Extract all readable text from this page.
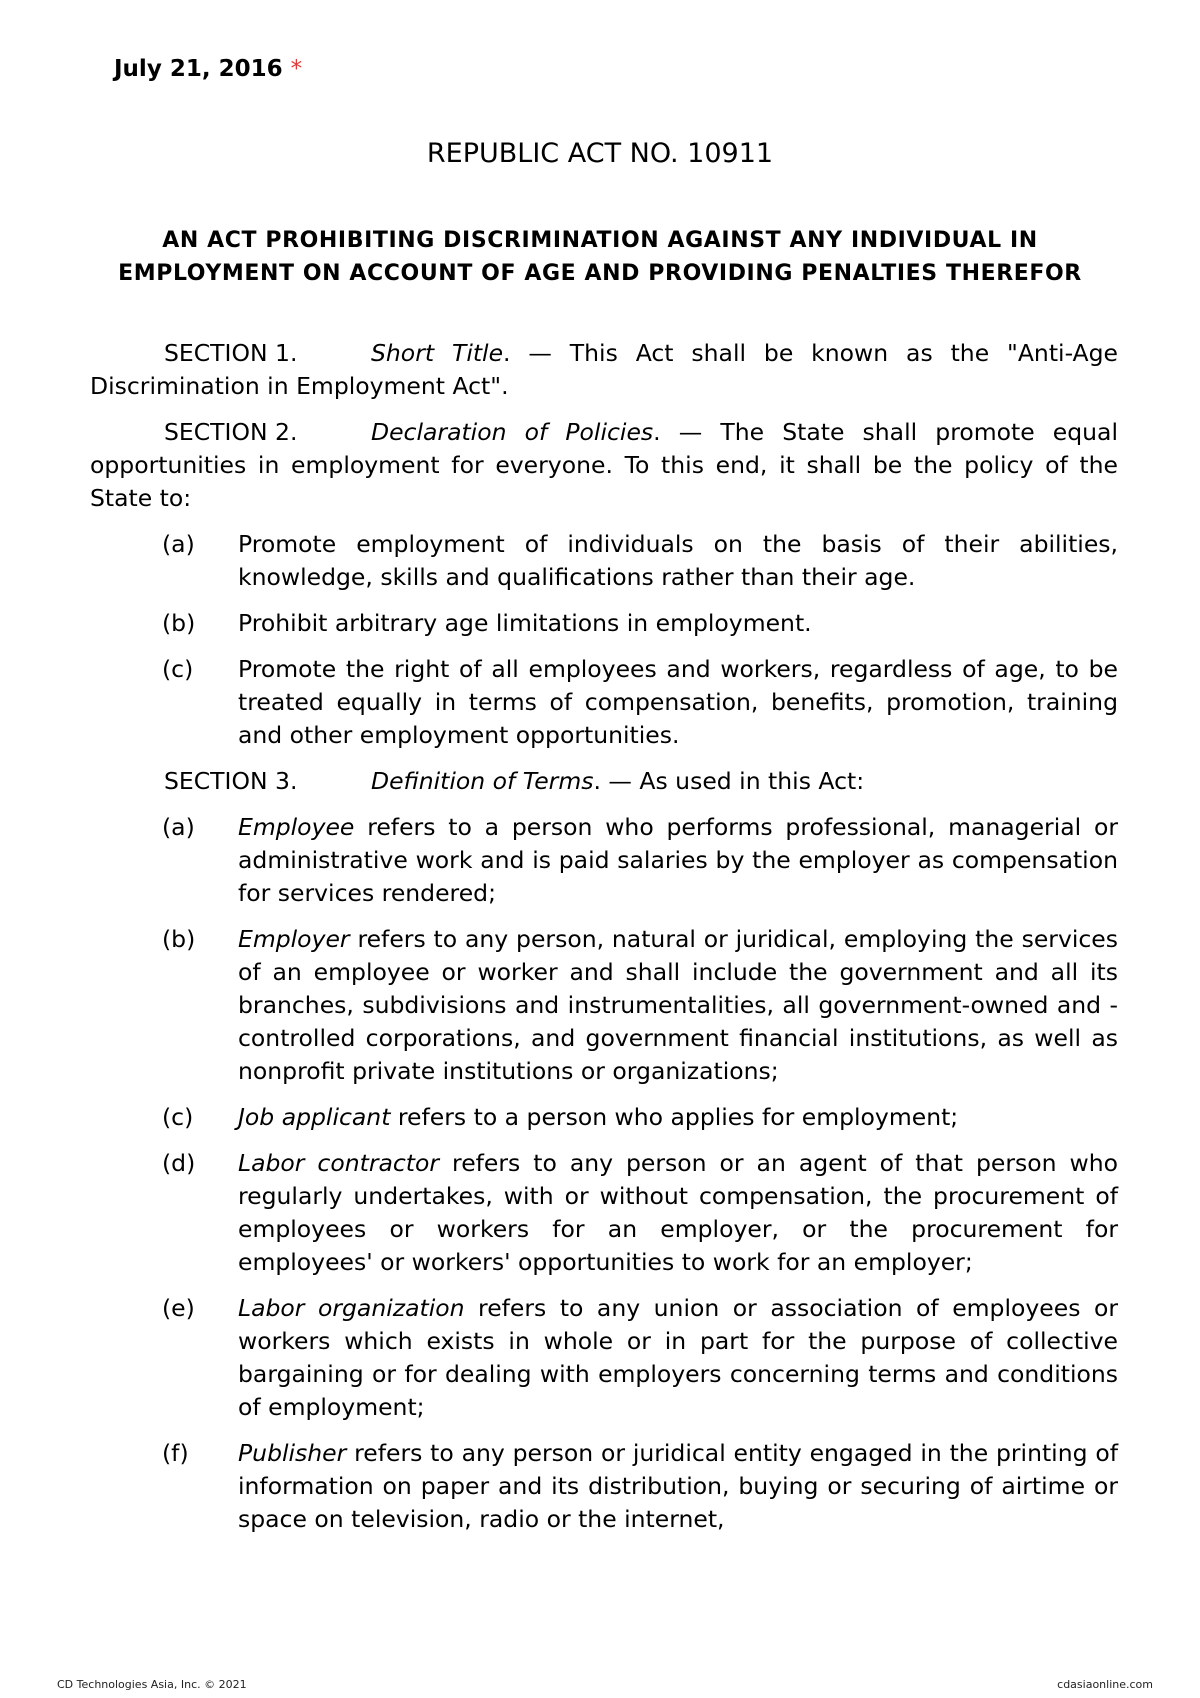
July 21, 2016 *
REPUBLIC ACT NO. 10911
AN ACT PROHIBITING DISCRIMINATION AGAINST ANY INDIVIDUAL IN EMPLOYMENT ON ACCOUNT OF AGE AND PROVIDING PENALTIES THEREFOR

SECTION 1.	Short Title. — This Act shall be known as the "Anti-Age Discrimination in Employment Act".

SECTION 2.	Declaration of Policies. — The State shall promote equal opportunities in employment for everyone. To this end, it shall be the policy of the State to:

(a)	Promote employment of individuals on the basis of their abilities, knowledge, skills and qualifications rather than their age.
(b)	Prohibit arbitrary age limitations in employment.
(c)	Promote the right of all employees and workers, regardless of age, to be treated equally in terms of compensation, benefits, promotion, training and other employment opportunities.

SECTION 3.	Definition of Terms. — As used in this Act:

(a)	Employee refers to a person who performs professional, managerial or administrative work and is paid salaries by the employer as compensation for services rendered;
(b)	Employer refers to any person, natural or juridical, employing the services of an employee or worker and shall include the government and all its branches, subdivisions and instrumentalities, all government-owned and -controlled corporations, and government financial institutions, as well as nonprofit private institutions or organizations;
(c)	Job applicant refers to a person who applies for employment;
(d)	Labor contractor refers to any person or an agent of that person who regularly undertakes, with or without compensation, the procurement of employees or workers for an employer, or the procurement for employees' or workers' opportunities to work for an employer;
(e)	Labor organization refers to any union or association of employees or workers which exists in whole or in part for the purpose of collective bargaining or for dealing with employers concerning terms and conditions of employment;
(f)	Publisher refers to any person or juridical entity engaged in the printing of information on paper and its distribution, buying or securing of airtime or space on television, radio or the internet,
CD Technologies Asia, Inc. © 2021	cdasiaonline.com
